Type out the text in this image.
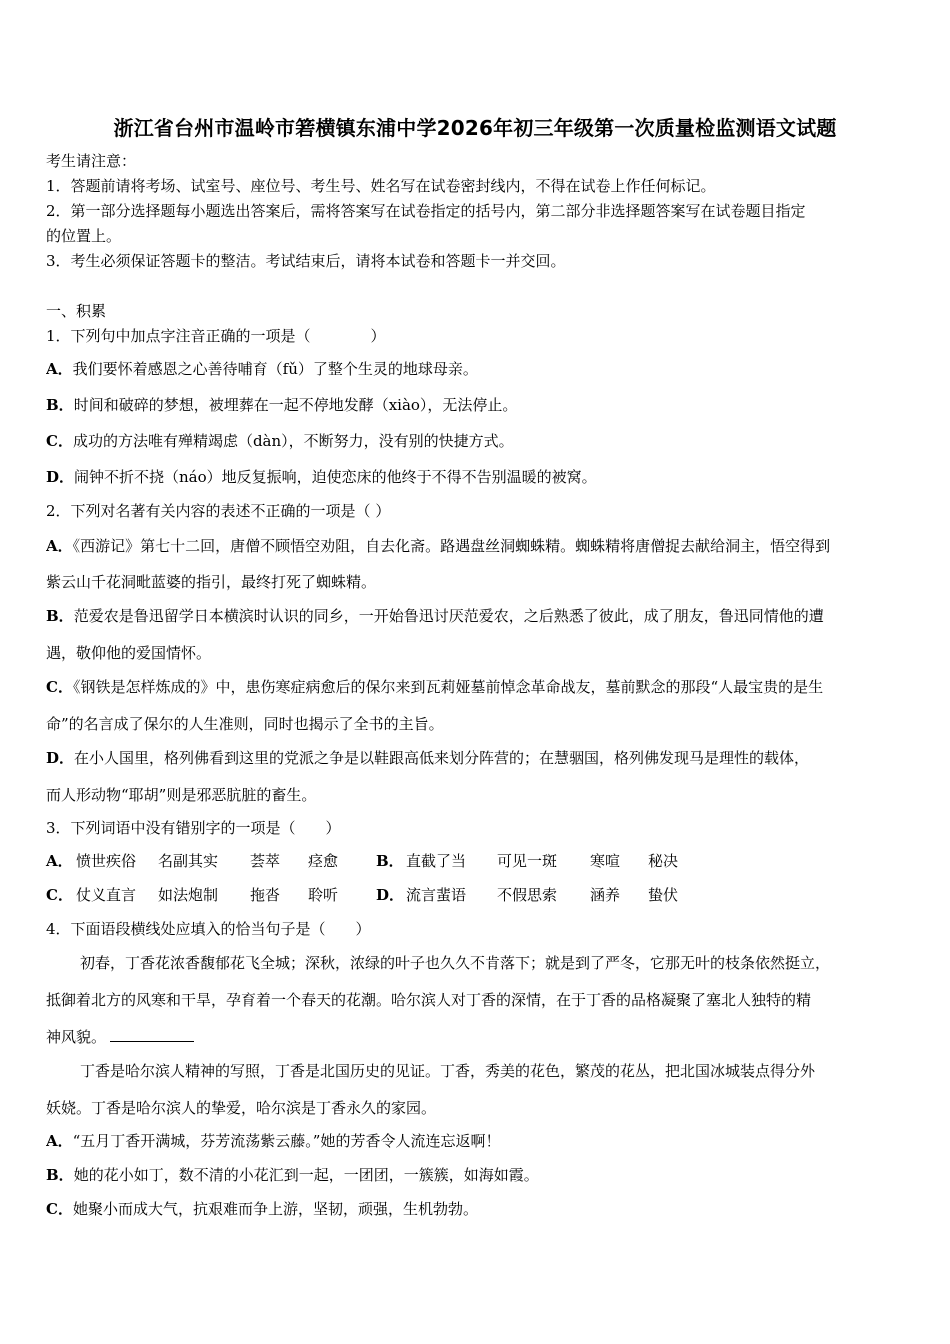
浙江省台州市温岭市箬横镇东浦中学2026年初三年级第一次质量检监测语文试题
考生请注意：
1．答题前请将考场、试室号、座位号、考生号、姓名写在试卷密封线内，不得在试卷上作任何标记。
2．第一部分选择题每小题选出答案后，需将答案写在试卷指定的括号内，第二部分非选择题答案写在试卷题目指定
的位置上。
3．考生必须保证答题卡的整洁。考试结束后，请将本试卷和答题卡一并交回。
一、积累
1．下列句中加点字注音正确的一项是（　　　　）
A．我们要怀着感恩之心善待哺育（fǔ）了整个生灵的地球母亲。
B．时间和破碎的梦想，被埋葬在一起不停地发酵（xiào），无法停止。
C．成功的方法唯有殚精竭虑（dàn），不断努力，没有别的快捷方式。
D．闹钟不折不挠（náo）地反复振响，迫使恋床的他终于不得不告别温暖的被窝。
2．下列对名著有关内容的表述不正确的一项是（ ）
A．《西游记》第七十二回，唐僧不顾悟空劝阻，自去化斋。路遇盘丝洞蜘蛛精。蜘蛛精将唐僧捉去献给洞主，悟空得到
紫云山千花洞毗蓝婆的指引，最终打死了蜘蛛精。
B．范爱农是鲁迅留学日本横滨时认识的同乡，一开始鲁迅讨厌范爱农，之后熟悉了彼此，成了朋友，鲁迅同情他的遭
遇，敬仰他的爱国情怀。
C．《钢铁是怎样炼成的》中，患伤寒症病愈后的保尔来到瓦莉娅墓前悼念革命战友，墓前默念的那段“人最宝贵的是生
命”的名言成了保尔的人生准则，同时也揭示了全书的主旨。
D．在小人国里，格列佛看到这里的党派之争是以鞋跟高低来划分阵营的；在慧骃国，格列佛发现马是理性的载体，
而人形动物“耶胡”则是邪恶肮脏的畜生。
3．下列词语中没有错别字的一项是（　　）
A． 愤世疾俗 名副其实 荟萃 痉愈	B． 直截了当 可见一斑 寒喧 秘决
C． 仗义直言 如法炮制 拖沓 聆听	D． 流言蜚语 不假思索 涵养 蛰伏
4．下面语段横线处应填入的恰当句子是（　　）
初春，丁香花浓香馥郁花飞全城；深秋，浓绿的叶子也久久不肯落下；就是到了严冬，它那无叶的枝条依然挺立，
抵御着北方的风寒和干旱，孕育着一个春天的花潮。哈尔滨人对丁香的深情，在于丁香的品格凝聚了塞北人独特的精
神风貌。
丁香是哈尔滨人精神的写照，丁香是北国历史的见证。丁香，秀美的花色，繁茂的花丛，把北国冰城装点得分外
妖娆。丁香是哈尔滨人的挚爱，哈尔滨是丁香永久的家园。
A．“五月丁香开满城，芬芳流荡紫云藤。”她的芳香令人流连忘返啊！
B．她的花小如丁，数不清的小花汇到一起，一团团，一簇簇，如海如霞。
C．她聚小而成大气，抗艰难而争上游，坚韧，顽强，生机勃勃。
